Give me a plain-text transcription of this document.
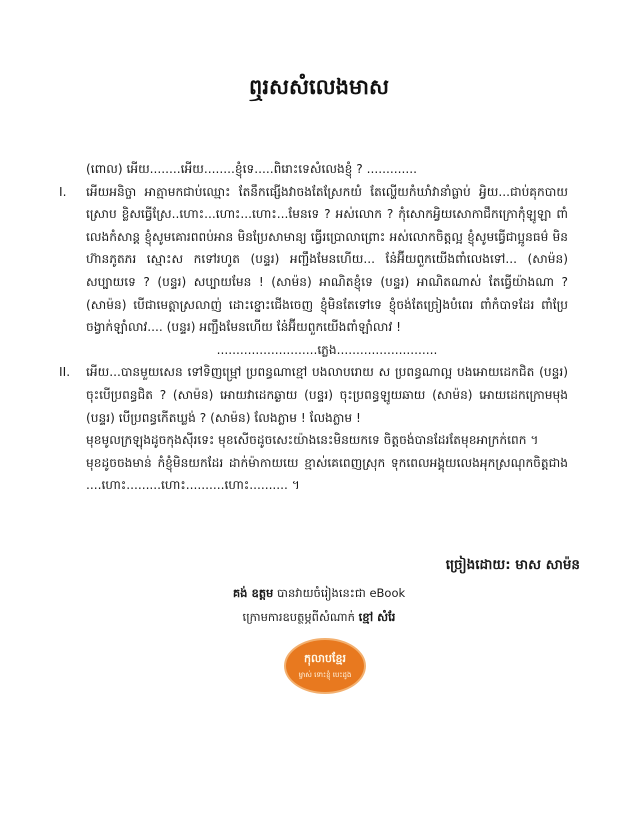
ឮរសសំលេងមាស

(ពោល) អើយ........អើយ........ខ្ញុំទេ.....ពិរោះទេសំលេងខ្ញុំ ? .............

I.	អើយអនិច្ចា អាត្មាមកជាប់ឈ្មោះ តែនឹកផ្សើងវាចងតែស្រែកយំ តែល្ហើយកំឃាំវានាំធ្លាប់ អ្វិយ...ជាប់គុកបាយស្រោប ខ្លិសធ្វើស្រែ..ហោះ...ហោះ...ហោះ...មែនទេ ? អស់លោក ? កុំសោកអ្វិយសោកាជឹកក្រោកុំឡូឡា ពាំលេងកំសាន្ត ខ្ញុំសូមគោរពពប់អាន មិនប្រែសាមាន្យ ធ្វើរប្រោលាព្រោះ អស់លោកចិត្តល្អ ខ្ញុំសូមធ្វើជាប្អូនធម៌ មិនហ៊ានភូតភរ ស្មោះស កទៅរហូត (បន្ទរ) អញ្ជឹងមែនហើយ... នែ៎អ៊ីយពួកយើងពាំលេងទៅ... (សាម៉ន) សប្បាយទេ ? (បន្ទរ) សប្បាយមែន ! (សាម៉ន) អាណិតខ្ញុំទេ (បន្ទរ) អាណិតណាស់ តែធ្វើយ៉ាងណា ? (សាម៉ន) បើជាមេត្តាស្រលាញ់ ដោះខ្នោះជើងចេញ ខ្ញុំមិនតែទៅទេ ខ្ញុំចង់តែច្រៀងបំពេរ ពាំកំបាទដែរ ពាំប្រែចង្វាក់ឡាំលាវ.... (បន្ទរ) អញ្ជឹងមែនហើយ នែ៎អ៊ីយពួកយើងពាំឡាំលាវ !

..........................ភ្លេង..........................

II.	អើយ...បានមួយសេន ទៅទិញម្រ្មៅ ប្រពន្ធណាខ្មៅ បងលាបរោយ ស ប្រពន្ធណាល្អ បងអោយដេកជិត (បន្ទរ) ចុះបើប្រពន្ធជិត ? (សាម៉ន) អោយវាដេកឆ្ងាយ (បន្ទរ) ចុះប្រពន្ធឡូយឆាយ (សាម៉ន) អោយដេកក្រោមមុង (បន្ទរ) បើប្រពន្ធកើតឃ្លង់ ? (សាម៉ន) លែងភ្លាម ! លែងភ្លាម !

មុខមូលក្រឡុងដូចកុងស៊ីរទេះ មុខសើចដូចសេះយ៉ាងនេះមិនយកទេ ចិត្តចង់បានដែរតែមុខអាក្រក់ពេក ។

មុខដូចចងមាន់ កំខ្ញុំមិនយកដែរ ដាក់ម៉ាកាយយេ ខ្មាស់គេពេញស្រុក ទុកពេលអង្គុយលេងអុកស្រណុកចិត្តជាង ....ហោះ.........ហោះ..........ហោះ.......... ។

ច្រៀងដោយ: មាស សាម៉ន
គង់ ឧត្តម បានវាយចំរៀងនេះជា eBook
ក្រោមការឧបត្ថម្ភពីសំណាក់ ខ្មៅ សំរែ
កុលាបខ្មែរ
ម្ចាស់ ទោះខ្ញុំ បេះដូង
